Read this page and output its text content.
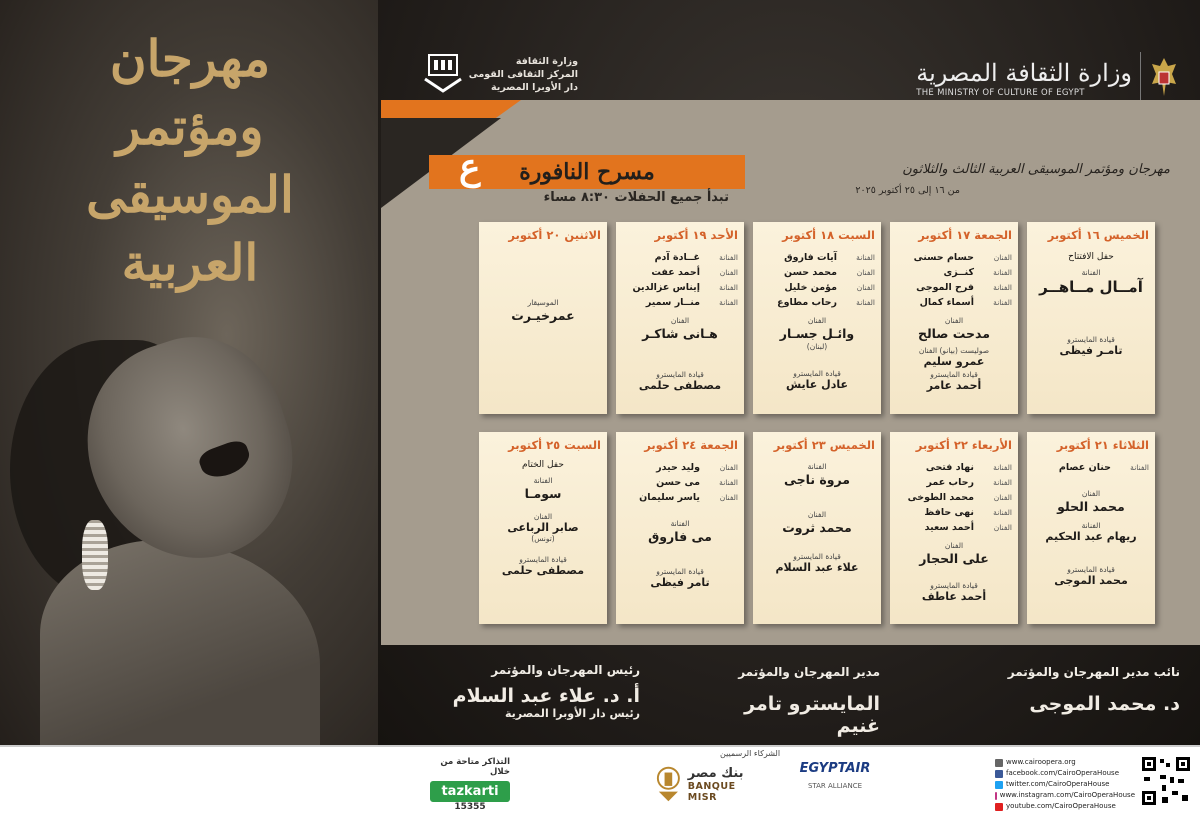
مهرجان
ومؤتمر
الموسيقى
العربية
وزارة الثقافة المصرية
THE MINISTRY OF CULTURE OF EGYPT
وزارة الثقافة
المركز الثقافى القومى
دار الأوبرا المصرية
مسرح النافورة
ع
تبدأ جميع الحفلات ٨:٣٠ مساء
مهرجان ومؤتمر الموسيقى العربية الثالث والثلاثون
من ١٦ إلى ٢٥ أكتوبر ٢٠٢٥
الخميس ١٦ أكتوبر
حفل الافتتاح
الفنانة
آمــال مــاهــر
قيادة المايسترو
تامـر فيظى
الجمعة ١٧ أكتوبر
الفنان
حسام حسنى
الفنانة
كنــزى
الفنانة
فرح الموجى
الفنانة
أسماء كمال
الفنان
مدحت صالح
صوليست (بيانو) الفنان
عمرو سليم
قيادة المايسترو
أحمد عامر
السبت ١٨ أكتوبر
الفنانة
آيات فاروق
الفنان
محمد حسن
الفنان
مؤمن خليل
الفنانة
رحاب مطاوع
الفنان
وائـل جسـار
(لبنان)
قيادة المايسترو
عادل عايش
الأحد ١٩ أكتوبر
الفنانة
غــادة آدم
الفنان
أحمد عفت
الفنانة
إيناس عزالدين
الفنانة
منــار سمير
الفنان
هـانى شاكـر
قيادة المايسترو
مصطفى حلمى
الاثنين ٢٠ أكتوبر
الموسيقار
عمرخيـرت
الثلاثاء ٢١ أكتوبر
الفنانة
حنان عصام
الفنان
محمد الحلو
الفنانة
ريهام عبد الحكيم
قيادة المايسترو
محمد الموجى
الأربعاء ٢٢ أكتوبر
الفنانة
نهاد فتحى
الفنانة
رحاب عمر
الفنان
محمد الطوخى
الفنانة
نهى حافظ
الفنان
أحمد سعيد
الفنان
على الحجار
قيادة المايسترو
أحمد عاطف
الخميس ٢٣ أكتوبر
الفنانة
مروة ناجى
الفنان
محمد ثروت
قيادة المايسترو
علاء عبد السلام
الجمعة ٢٤ أكتوبر
الفنان
وليد حيدر
الفنانة
مى حسن
الفنان
ياسر سليمان
الفنانة
مى فاروق
قيادة المايسترو
تامر فيظى
السبت ٢٥ أكتوبر
حفل الختام
الفنانة
سومـا
الفنان
صابر الرباعى
(تونس)
قيادة المايسترو
مصطفى حلمى
نائب مدير المهرجان والمؤتمر
د. محمد الموجى
مدير المهرجان والمؤتمر
المايسترو تامر غنيم
رئيس المهرجان والمؤتمر
أ. د. علاء عبد السلام
رئيس دار الأوبرا المصرية
التذاكر متاحة من خلال
tazkarti
15355
الشركاء الرسميين
بنك مصر
BANQUE MISR
EGYPTAIR
STAR ALLIANCE
www.cairoopera.org
facebook.com/CairoOperaHouse
twitter.com/CairoOperaHouse
www.instagram.com/CairoOperaHouse
youtube.com/CairoOperaHouse
